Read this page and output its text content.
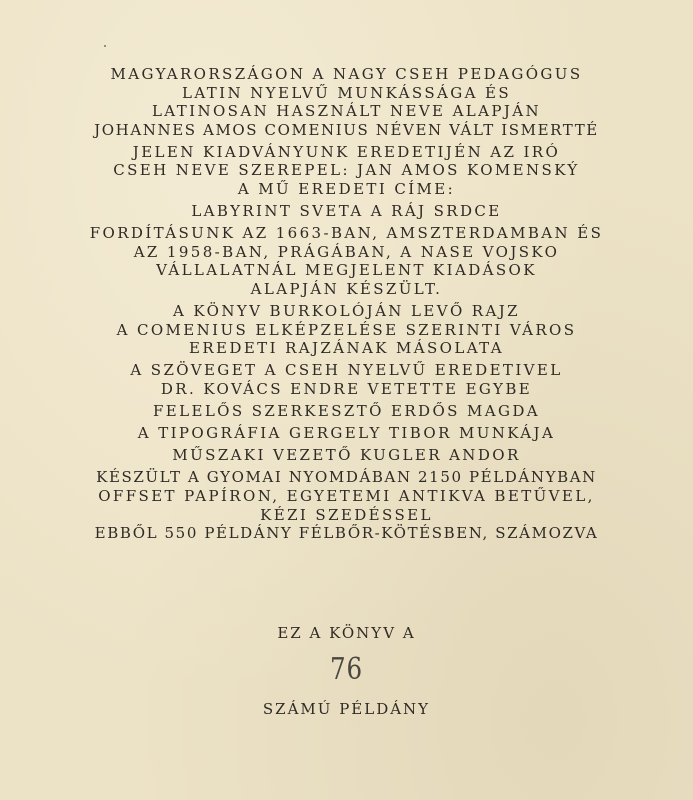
MAGYARORSZÁGON A NAGY CSEH PEDAGÓGUS
LATIN NYELVŰ MUNKÁSSÁGA ÉS
LATINOSAN HASZNÁLT NEVE ALAPJÁN
JOHANNES AMOS COMENIUS NÉVEN VÁLT ISMERTTÉ
JELEN KIADVÁNYUNK EREDETIJÉN AZ IRÓ
CSEH NEVE SZEREPEL: JAN AMOS KOMENSKÝ
A MŰ EREDETI CÍME:
LABYRINT SVETA A RÁJ SRDCE
FORDÍTÁSUNK AZ 1663-BAN, AMSZTERDAMBAN ÉS
AZ 1958-BAN, PRÁGÁBAN, A NASE VOJSKO
VÁLLALATNÁL MEGJELENT KIADÁSOK
ALAPJÁN KÉSZÜLT.
A KÖNYV BURKOLÓJÁN LEVŐ RAJZ
A COMENIUS ELKÉPZELÉSE SZERINTI VÁROS
EREDETI RAJZÁNAK MÁSOLATA
A SZÖVEGET A CSEH NYELVŰ EREDETIVEL
DR. KOVÁCS ENDRE VETETTE EGYBE
FELELŐS SZERKESZTŐ ERDŐS MAGDA
A TIPOGRÁFIA GERGELY TIBOR MUNKÁJA
MŰSZAKI VEZETŐ KUGLER ANDOR
KÉSZÜLT A GYOMAI NYOMDÁBAN 2150 PÉLDÁNYBAN
OFFSET PAPÍRON, EGYETEMI ANTIKVA BETŰVEL,
KÉZI SZEDÉSSEL
EBBŐL 550 PÉLDÁNY FÉLBŐR-KÖTÉSBEN, SZÁMOZVA
EZ A KÖNYV A
76
SZÁMÚ PÉLDÁNY
